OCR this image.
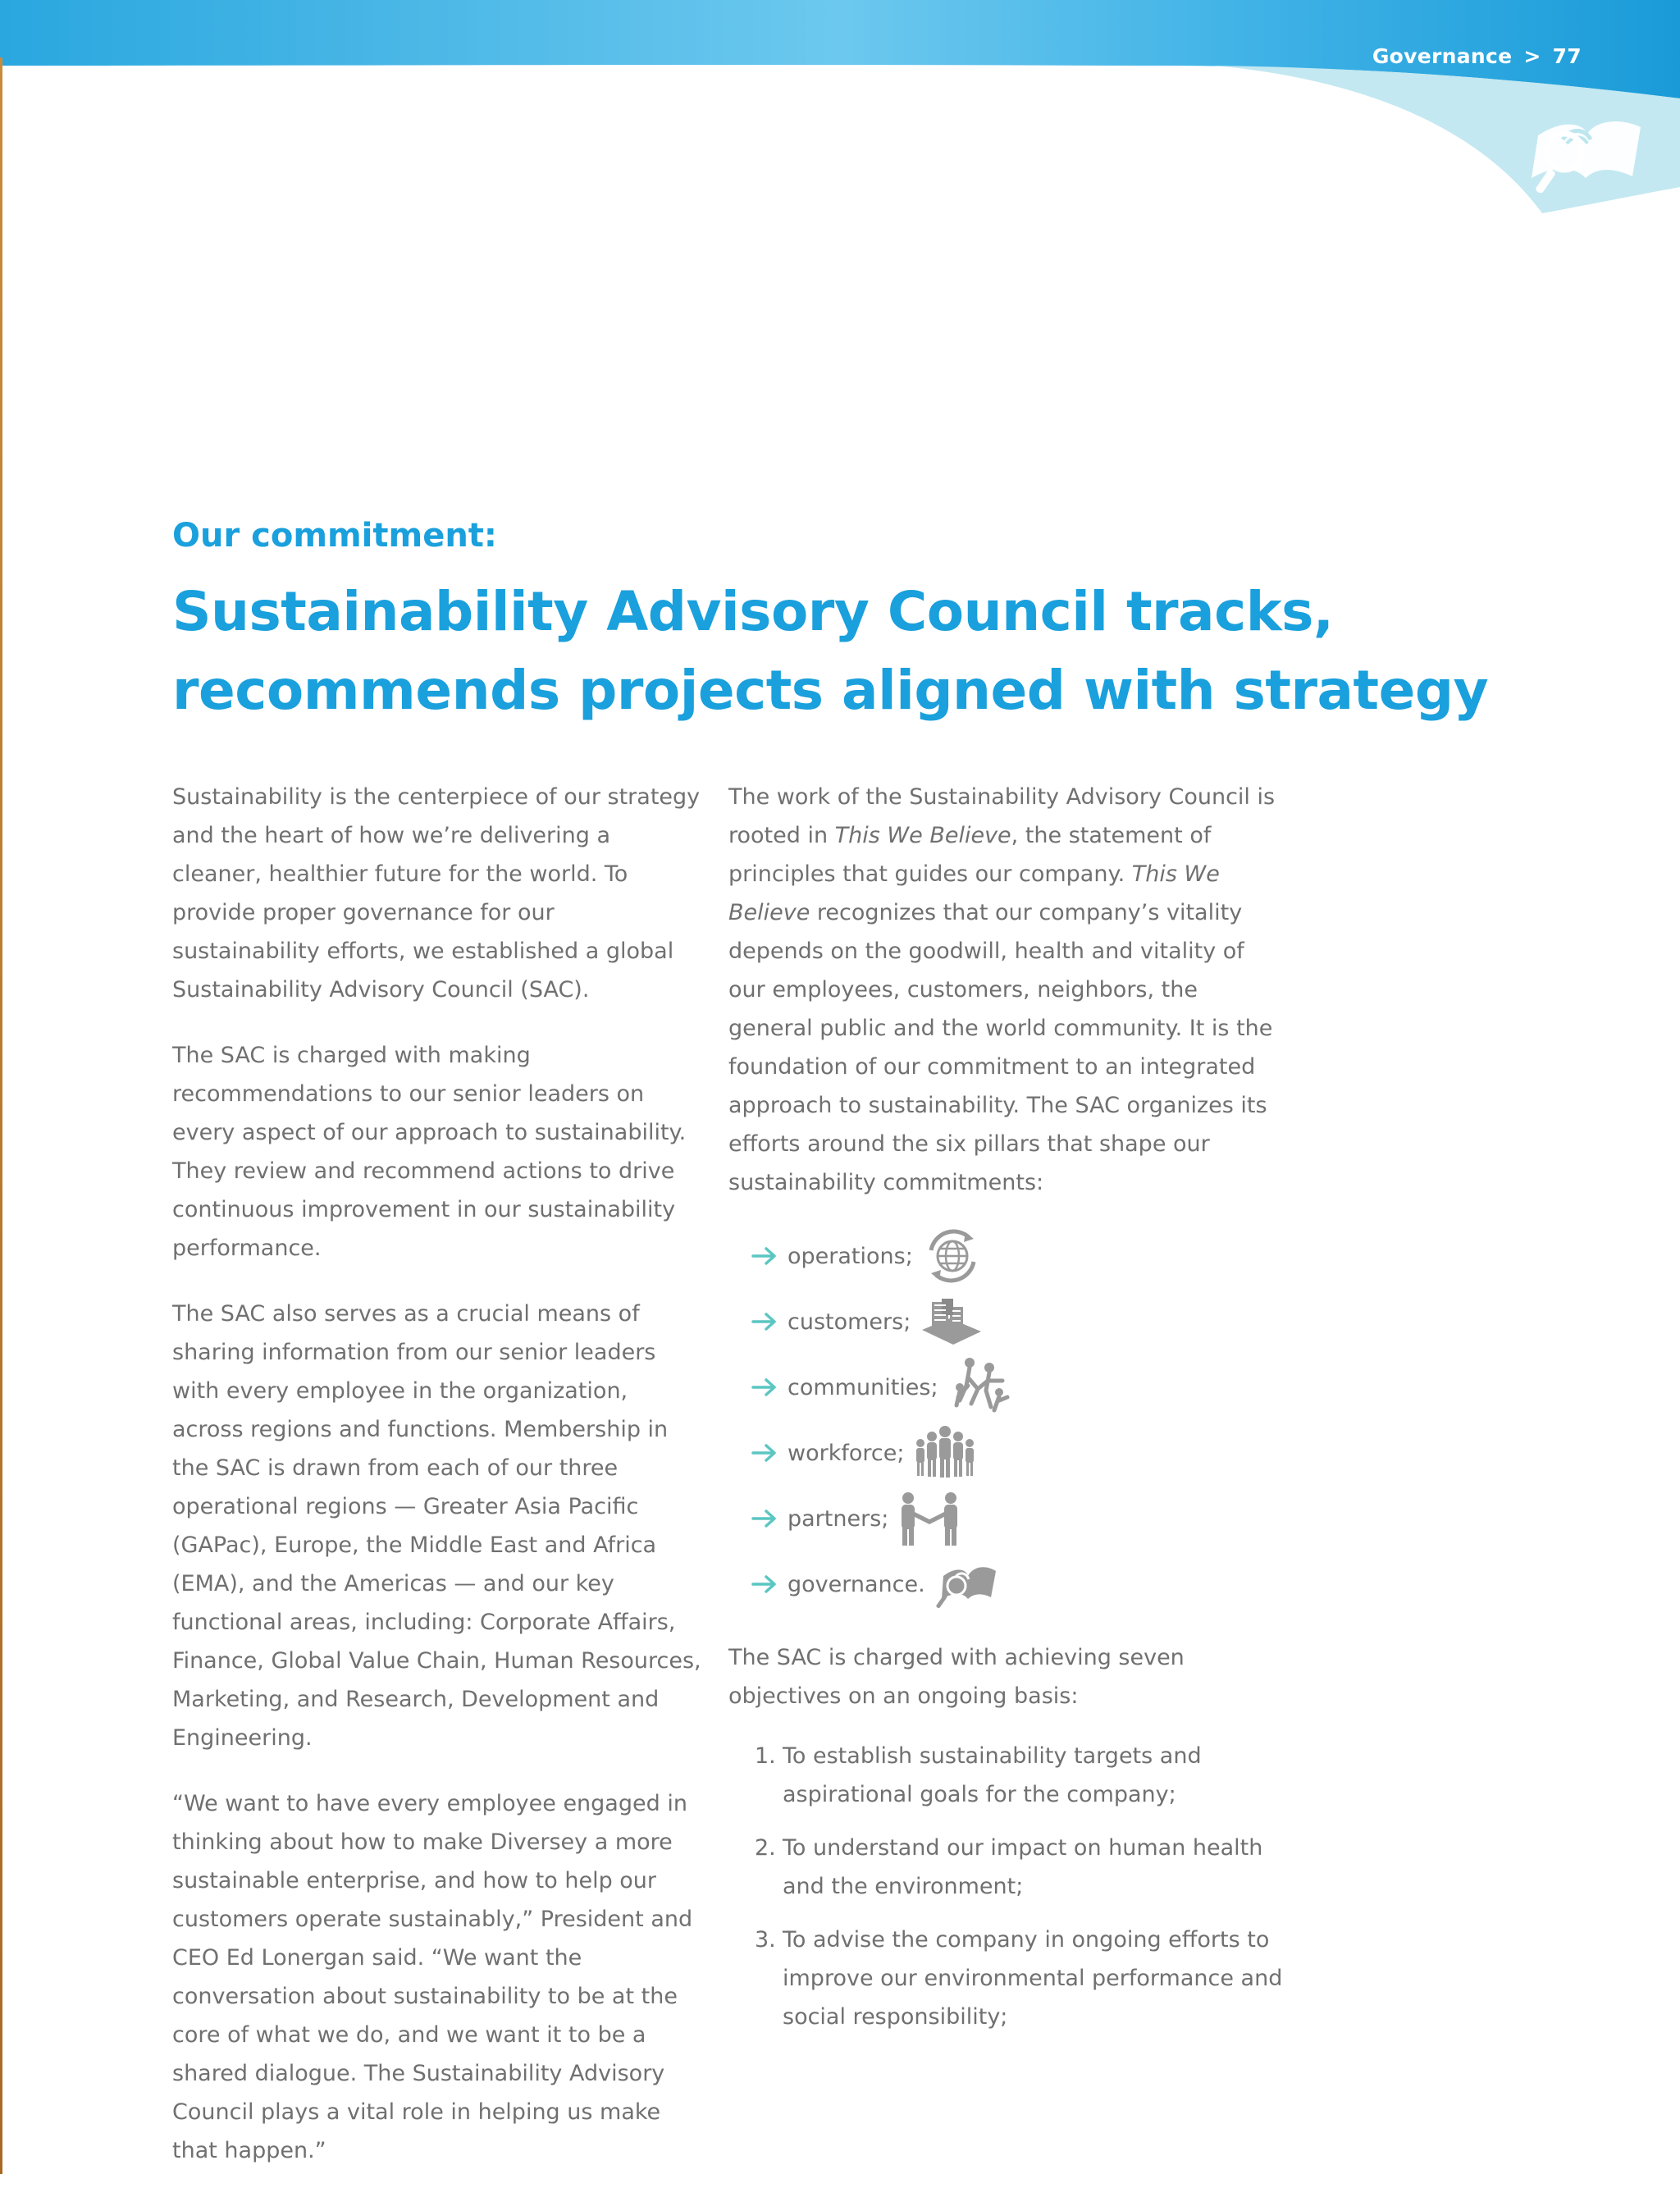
Governance > 77
Our commitment:
Sustainability Advisory Council tracks,
recommends projects aligned with strategy

Sustainability is the centerpiece of our strategy and the heart of how we’re delivering a cleaner, healthier future for the world. To provide proper governance for our sustainability efforts, we established a global Sustainability Advisory Council (SAC).

The SAC is charged with making recommendations to our senior leaders on every aspect of our approach to sustainability. They review and recommend actions to drive continuous improvement in our sustainability performance.

The SAC also serves as a crucial means of sharing information from our senior leaders with every employee in the organization, across regions and functions. Membership in the SAC is drawn from each of our three operational regions — Greater Asia Pacific (GAPac), Europe, the Middle East and Africa (EMA), and the Americas — and our key functional areas, including: Corporate Affairs, Finance, Global Value Chain, Human Resources, Marketing, and Research, Development and Engineering.

“We want to have every employee engaged in thinking about how to make Diversey a more sustainable enterprise, and how to help our customers operate sustainably,” President and CEO Ed Lonergan said. “We want the conversation about sustainability to be at the core of what we do, and we want it to be a shared dialogue. The Sustainability Advisory Council plays a vital role in helping us make that happen.”

The work of the Sustainability Advisory Council is rooted in This We Believe, the statement of principles that guides our company. This We Believe recognizes that our company’s vitality depends on the goodwill, health and vitality of our employees, customers, neighbors, the general public and the world community. It is the foundation of our commitment to an integrated approach to sustainability. The SAC organizes its efforts around the six pillars that shape our sustainability commitments:

operations;
customers;
communities;
workforce;
partners;
governance.

The SAC is charged with achieving seven objectives on an ongoing basis:

1. To establish sustainability targets and aspirational goals for the company;
2. To understand our impact on human health and the environment;
3. To advise the company in ongoing efforts to improve our environmental performance and social responsibility;
